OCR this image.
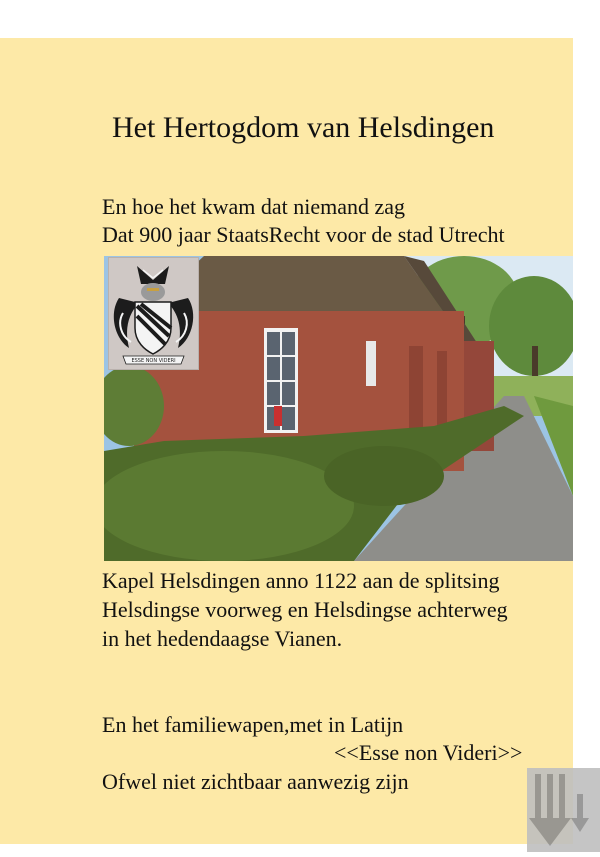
Het Hertogdom van Helsdingen
En hoe het kwam dat niemand zag
Dat 900 jaar StaatsRecht voor de stad Utrecht
ESSE NON VIDERI
Kapel Helsdingen anno 1122 aan de splitsing
Helsdingse voorweg en Helsdingse achterweg
in het hedendaagse Vianen.
En het familiewapen,met in Latijn
<<Esse non Videri>>
Ofwel niet zichtbaar aanwezig zijn
